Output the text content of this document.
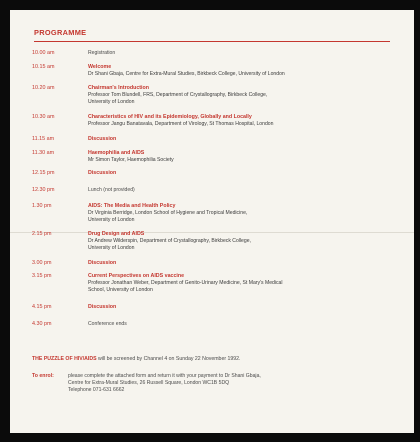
PROGRAMME
10.00 am	Registration
10.15 am	Welcome
Dr Shani Gbaja, Centre for Extra-Mural Studies, Birkbeck College, University of London
10.20 am	Chairman's Introduction
Professor Tom Blundell, FRS, Department of Crystallography, Birkbeck College,
University of London
10.30 am	Characteristics of HIV and its Epidemiology, Globally and Locally
Professor Jangu Banatavala, Department of Virology, St Thomas Hospital, London
11.15 am	Discussion
11.30 am	Haemophilia and AIDS
Mr Simon Taylor, Haemophilia Society
12.15 pm	Discussion
12.30 pm	Lunch (not provided)
1.30 pm	AIDS: The Media and Health Policy
Dr Virginia Berridge, London School of Hygiene and Tropical Medicine,
University of London
2.15 pm	Drug Design and AIDS
Dr Andrew Wilderspin, Department of Crystallography, Birkbeck College,
University of London
3.00 pm	Discussion
3.15 pm	Current Perspectives on AIDS vaccine
Professor Jonathan Weber, Department of Genito-Urinary Medicine, St Mary's Medical
School, University of London
4.15 pm	Discussion
4.30 pm	Conference ends
THE PUZZLE OF HIV/AIDS will be screened by Channel 4 on Sunday 22 November 1992.
To enrol:	please complete the attached form and return it with your payment to Dr Shani Gbaja,
Centre for Extra-Mural Studies, 26 Russell Square, London WC1B 5DQ
Telephone 071-631 6662
